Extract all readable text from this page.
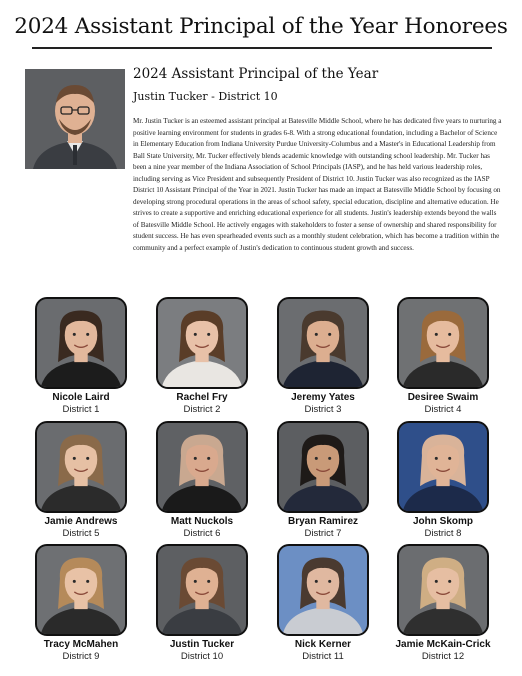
2024 Assistant Principal of the Year Honorees
2024 Assistant Principal of the Year
Justin Tucker - District 10

Mr. Justin Tucker is an esteemed assistant principal at Batesville Middle School, where he has dedicated five years to nurturing a positive learning environment for students in grades 6-8. With a strong educational foundation, including a Bachelor of Science in Elementary Education from Indiana University Purdue University-Columbus and a Master's in Educational Leadership from Ball State University, Mr. Tucker effectively blends academic knowledge with outstanding school leadership. Mr. Tucker has been a nine year member of the Indiana Association of School Principals (IASP), and he has held various leadership roles, including serving as Vice President and subsequently President of District 10. Justin Tucker was also recognized as the IASP District 10 Assistant Principal of the Year in 2021. Justin Tucker has made an impact at Batesville Middle School by focusing on developing strong procedural operations in the areas of school safety, special education, discipline and alternative education. He strives to create a supportive and enriching educational experience for all students. Justin's leadership extends beyond the walls of Batesville Middle School. He actively engages with stakeholders to foster a sense of ownership and shared responsibility for student success. He has even spearheaded events such as a monthly student celebration, which has become a tradition within the community and a perfect example of Justin's dedication to continuous student growth and success.

Nicole Laird
District 1
Rachel Fry
District 2
Jeremy Yates
District 3
Desiree Swaim
District 4
Jamie Andrews
District 5
Matt Nuckols
District 6
Bryan Ramirez
District 7
John Skomp
District 8
Tracy McMahen
District 9
Justin Tucker
District 10
Nick Kerner
District 11
Jamie McKain-Crick
District 12
